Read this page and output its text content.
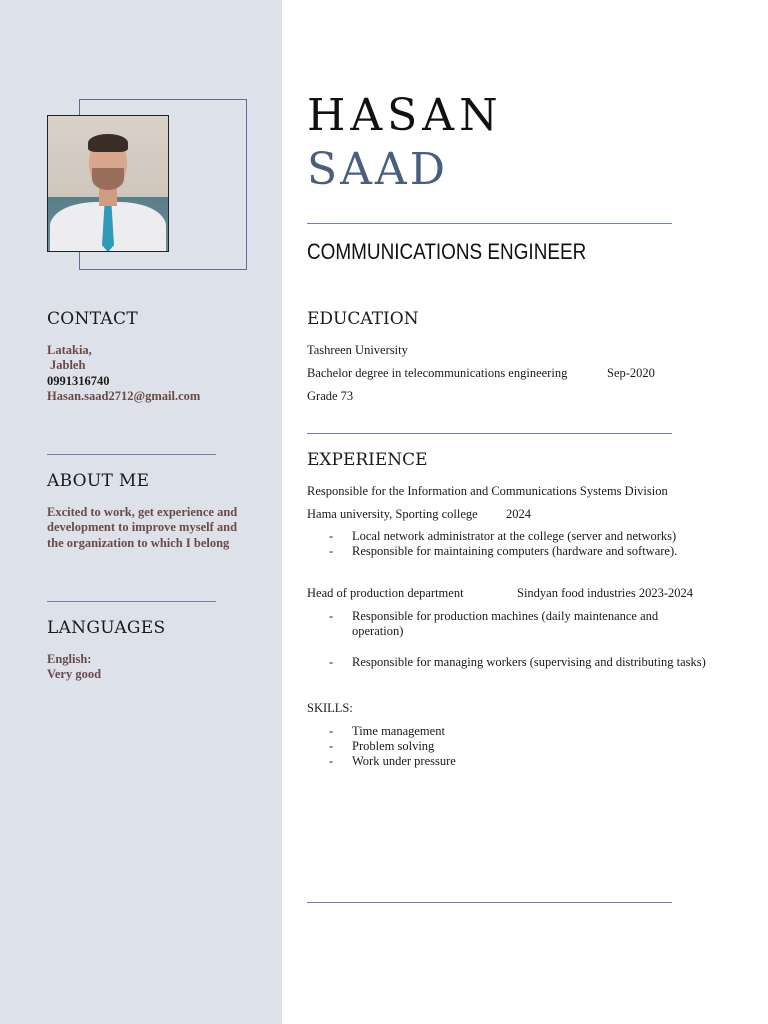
CONTACT
Latakia,
Jableh
0991316740
Hasan.saad2712@gmail.com
ABOUT ME

Excited to work, get experience and development to improve myself and the organization to which I belong

LANGUAGES
English:
Very good
HASAN
SAAD
COMMUNICATIONS ENGINEER
EDUCATION

Tashreen University

Bachelor degree in telecommunications engineering	Sep-2020

Grade 73

EXPERIENCE

Responsible for the Information and Communications Systems Division

Hama university, Sporting college 2024

- Local network administrator at the college (server and networks)
- Responsible for maintaining computers (hardware and software).

Head of production department	Sindyan food industries 2023-2024

- Responsible for production machines (daily maintenance and operation)
- Responsible for managing workers (supervising and distributing tasks)

SKILLS:

- Time management
- Problem solving
- Work under pressure
